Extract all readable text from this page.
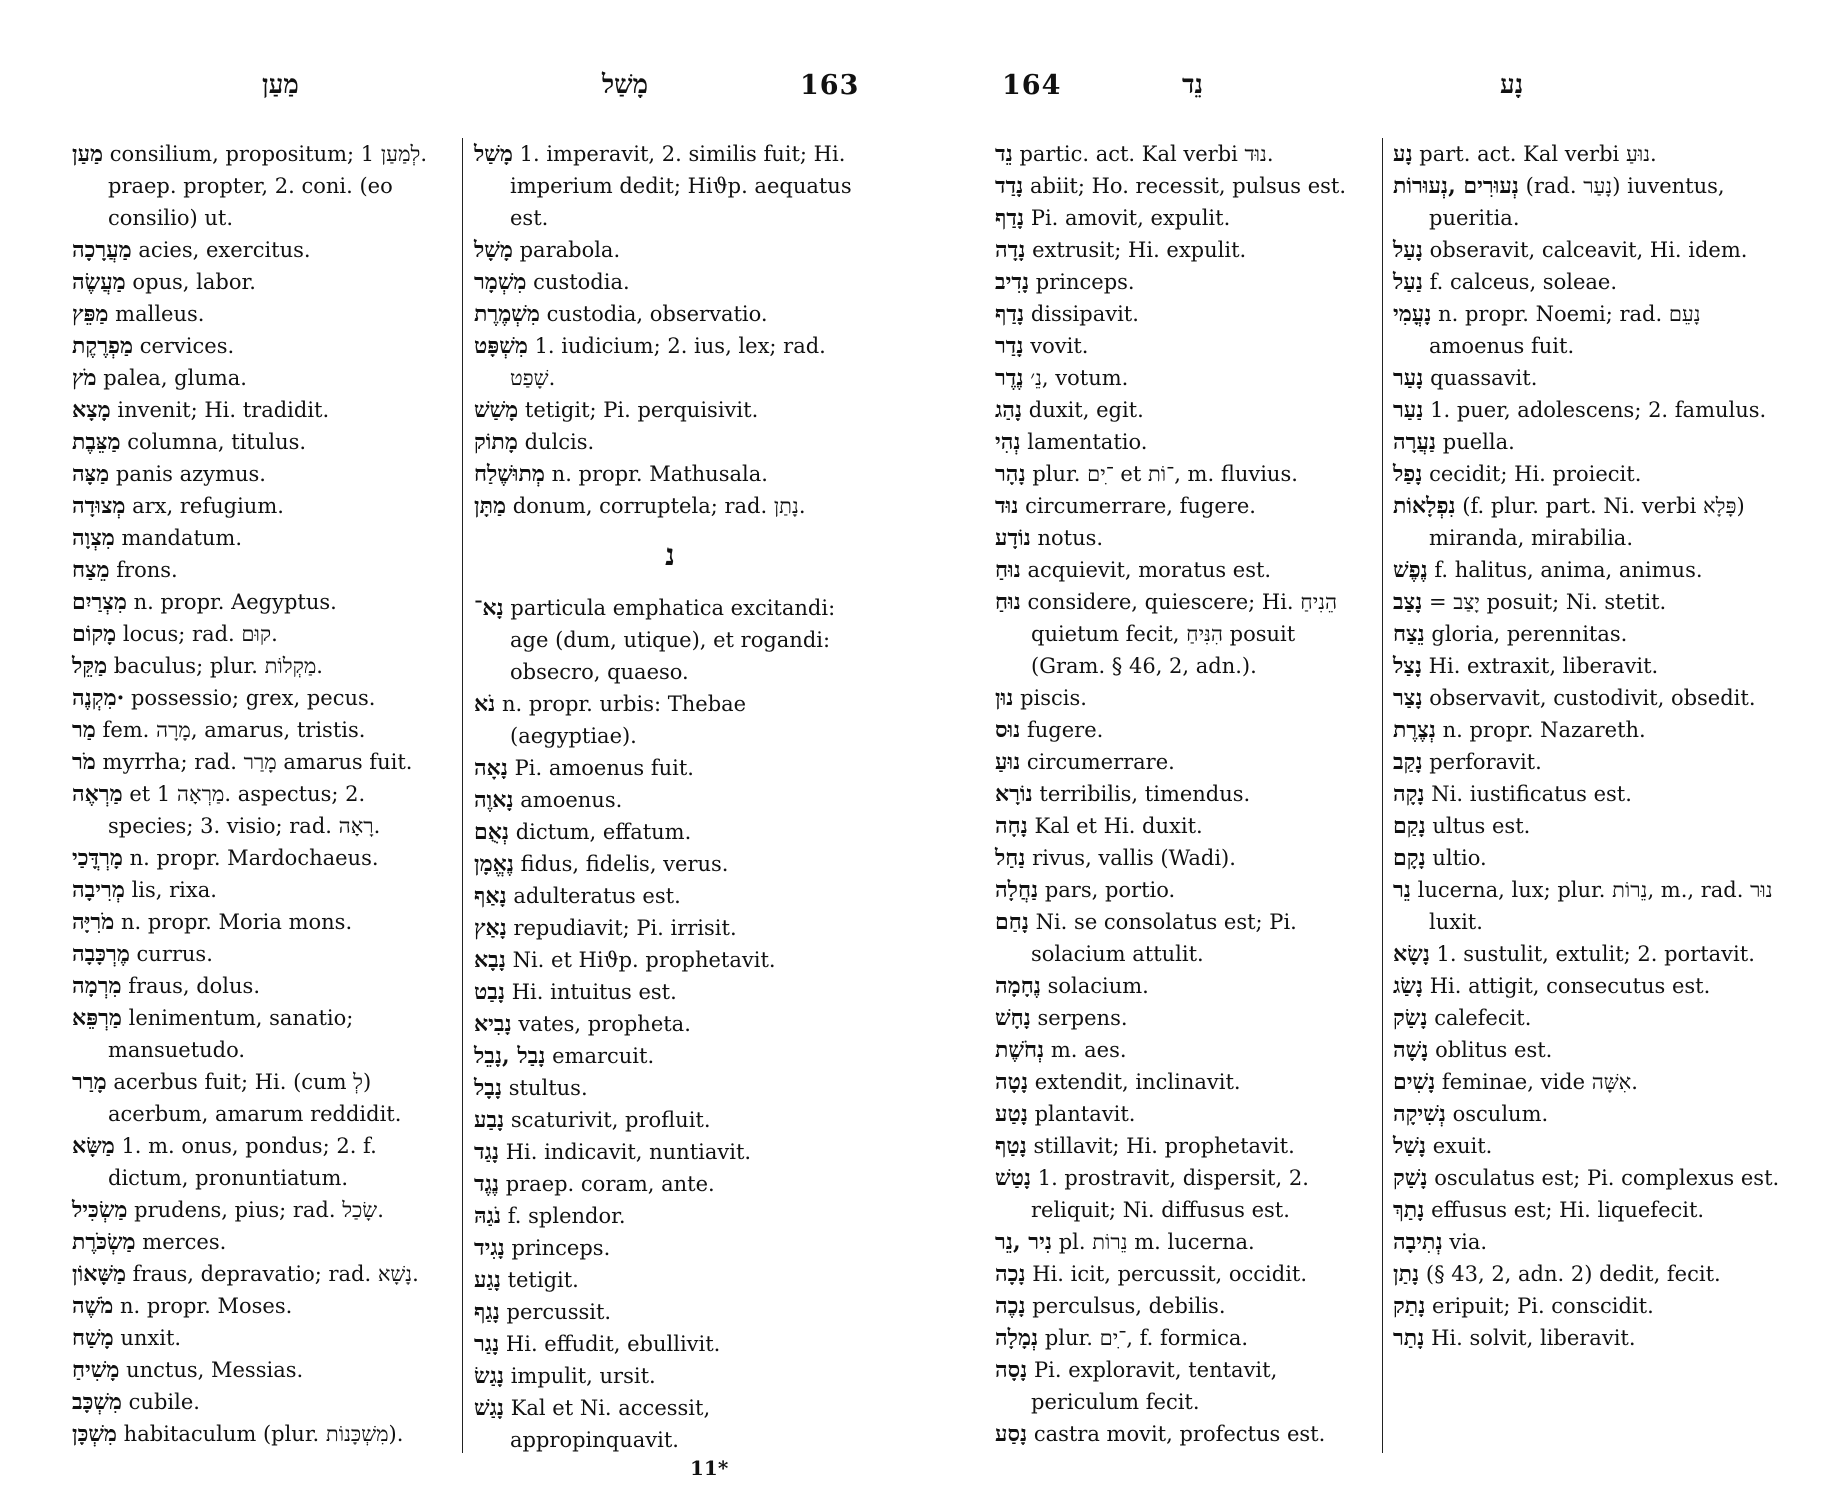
מַעַן	מָשַׁל	163
מַעַן consilium, propositum; לְמַעַן 1. praep. propter, 2. coni. (eo consilio) ut.
מַעֲרָכָה acies, exercitus.
מַעֲשֶׂה opus, labor.
מַפֵּץ malleus.
מַפְרֶקֶת cervices.
מֹץ palea, gluma.
מָצָא invenit; Hi. tradidit.
מַצֵּבֶת columna, titulus.
מַצָּה panis azymus.
מְצוּדָה arx, refugium.
מִצְוָה mandatum.
מֵצַח frons.
מִצְרַיִם n. propr. Aegyptus.
מָקוֹם locus; rad. קוּם.
מַקֵּל baculus; plur. מַקְלוֹת.
·מִקְנֶה possessio; grex, pecus.
מַר fem. מָרָה, amarus, tristis.
מֹר myrrha; rad. מָרַר amarus fuit.
מַרְאֶה et מַרְאָה 1. aspectus; 2. species; 3. visio; rad. רָאָה.
מָרְדֳּכַי n. propr. Mardochaeus.
מְרִיבָה lis, rixa.
מֹרִיָּה n. propr. Moria mons.
מֶרְכָּבָה currus.
מִרְמָה fraus, dolus.
מַרְפֵּא lenimentum, sanatio; mansuetudo.
מָרַר acerbus fuit; Hi. (cum לְ) acerbum, amarum reddidit.
מַשָּׂא 1. m. onus, pondus; 2. f. dictum, pronuntiatum.
מַשְׂכִּיל prudens, pius; rad. שָׂכַל.
מַשְׂכֹּרֶת merces.
מַשָּׁאוֹן fraus, depravatio; rad. נָשָׁא.
מֹשֶׁה n. propr. Moses.
מָשַׁח unxit.
מָשִׁיחַ unctus, Messias.
מִשְׁכָּב cubile.
מִשְׁכָּן habitaculum (plur. מִשְׁכָּנוֹת).
מָשַׁל 1. imperavit, 2. similis fuit; Hi. imperium dedit; Hiϑp. aequatus est.
מָשָׁל parabola.
מִשְׁמָר custodia.
מִשְׁמֶרֶת custodia, observatio.
מִשְׁפָּט 1. iudicium; 2. ius, lex; rad. שָׁפַט.
מָשַׁשׁ tetigit; Pi. perquisivit.
מָתוֹק dulcis.
מְתוּשֶׁלַח n. propr. Mathusala.
מַתָּן donum, corruptela; rad. נָתַן.
נ
נָא־ particula emphatica excitandi: age (dum, utique), et rogandi: obsecro, quaeso.
נֹא n. propr. urbis: Thebae (aegyptiae).
נָאָה Pi. amoenus fuit.
נָאוֶה amoenus.
נְאֻם dictum, effatum.
נֶאֱמָן fidus, fidelis, verus.
נָאַף adulteratus est.
נָאַץ repudiavit; Pi. irrisit.
נָבָא Ni. et Hiϑp. prophetavit.
נָבַט Hi. intuitus est.
נָבִיא vates, propheta.
נָבַל ,נָבֵל emarcuit.
נָבָל stultus.
נָבַע scaturivit, profluit.
נָגַד Hi. indicavit, nuntiavit.
נֶגֶד praep. coram, ante.
נֹגַהּ f. splendor.
נָגִיד princeps.
נָגַע tetigit.
נָגַף percussit.
נָגַר Hi. effudit, ebullivit.
נָגַשׂ impulit, ursit.
נָגַשׁ Kal et Ni. accessit, appropinquavit.
11*
164	נֵד	נָע
נֵד partic. act. Kal verbi נוּד.
נָדַד abiit; Ho. recessit, pulsus est.
נָדַף Pi. amovit, expulit.
נָדָה extrusit; Hi. expulit.
נָדִיב princeps.
נָדַף dissipavit.
נָדַר vovit.
נֶדֶר נֵ׳, votum.
נָהַג duxit, egit.
נְהִי lamentatio.
נָהָר plur. ־ִים et ־וֹת, m. fluvius.
נוּד circumerrare, fugere.
נוֹדָע notus.
נוּחַ acquievit, moratus est.
נוּחַ considere, quiescere; Hi. הֵנִיחַ quietum fecit, הִנִּיחַ posuit (Gram. § 46, 2, adn.).
נוּן piscis.
נוּס fugere.
נוּעַ circumerrare.
נוֹרָא terribilis, timendus.
נָחָה Kal et Hi. duxit.
נַחַל rivus, vallis (Wadi).
נַחֲלָה pars, portio.
נָחַם Ni. se consolatus est; Pi. solacium attulit.
נֶחָמָה solacium.
נָחָשׁ serpens.
נְחֹשֶׁת m. aes.
נָטָה extendit, inclinavit.
נָטַע plantavit.
נָטַף stillavit; Hi. prophetavit.
נָטַשׁ 1. prostravit, dispersit, 2. reliquit; Ni. diffusus est.
נִיר ,נֵר pl. נֵרוֹת m. lucerna.
נָכָה Hi. icit, percussit, occidit.
נָכֶה perculsus, debilis.
נְמָלָה plur. ־ִים, f. formica.
נָסָה Pi. exploravit, tentavit, periculum fecit.
נָסַע castra movit, profectus est.
נָע part. act. Kal verbi נוּעַ.
נְעוּרִים ,נְעוּרוֹת (rad. נָעַר) iuventus, pueritia.
נָעַל obseravit, calceavit, Hi. idem.
נַעַל f. calceus, soleae.
נָעֳמִי n. propr. Noemi; rad. נָעֵם amoenus fuit.
נָעַר quassavit.
נַעַר 1. puer, adolescens; 2. famulus.
נַעֲרָה puella.
נָפַל cecidit; Hi. proiecit.
נִפְלָאוֹת (f. plur. part. Ni. verbi פָּלָא) miranda, mirabilia.
נֶפֶשׁ f. halitus, anima, animus.
נָצַב = יָצַב posuit; Ni. stetit.
נֵצַח gloria, perennitas.
נָצַל Hi. extraxit, liberavit.
נָצַר observavit, custodivit, obsedit.
נְצֶרֶת n. propr. Nazareth.
נָקַב perforavit.
נָקָה Ni. iustificatus est.
נָקַם ultus est.
נָקָם ultio.
נֵר lucerna, lux; plur. נֵרוֹת, m., rad. נוּר luxit.
נָשָׂא 1. sustulit, extulit; 2. portavit.
נָשַׂג Hi. attigit, consecutus est.
נָשַׂק calefecit.
נָשָׁה oblitus est.
נָשִׁים feminae, vide אִשָּׁה.
נְשִׁיקָה osculum.
נָשַׁל exuit.
נָשַׁק osculatus est; Pi. complexus est.
נָתַךְ effusus est; Hi. liquefecit.
נְתִיבָה via.
נָתַן (§ 43, 2, adn. 2) dedit, fecit.
נָתַק eripuit; Pi. conscidit.
נָתַר Hi. solvit, liberavit.
